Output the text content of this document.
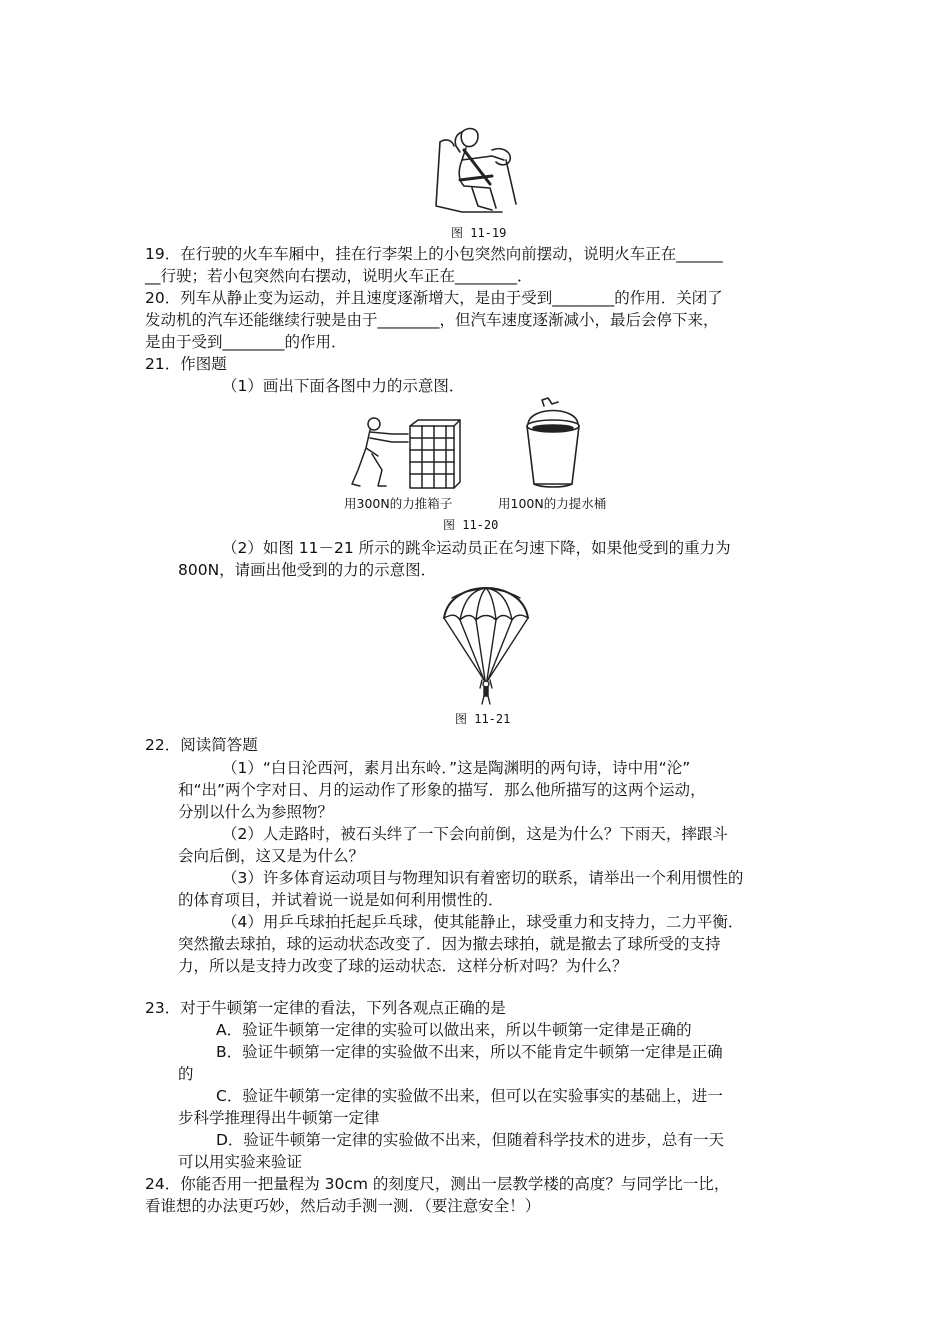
图 11-19
19．在行驶的火车车厢中，挂在行李架上的小包突然向前摆动，说明火车正在______
__行驶；若小包突然向右摆动，说明火车正在________．
20．列车从静止变为运动，并且速度逐渐增大，是由于受到________的作用．关闭了
发动机的汽车还能继续行驶是由于________，但汽车速度逐渐减小，最后会停下来，
是由于受到________的作用．
21．作图题
（1）画出下面各图中力的示意图．
用300N的力推箱子	用100N的力提水桶
图 11-20
（2）如图 11－21 所示的跳伞运动员正在匀速下降，如果他受到的重力为
800N，请画出他受到的力的示意图．
图 11-21
22．阅读简答题
（1）“白日沦西河，素月出东岭．”这是陶渊明的两句诗，诗中用“沦”
和“出”两个字对日、月的运动作了形象的描写．那么他所描写的这两个运动，
分别以什么为参照物？
（2）人走路时，被石头绊了一下会向前倒，这是为什么？下雨天，摔跟斗
会向后倒，这又是为什么？
（3）许多体育运动项目与物理知识有着密切的联系，请举出一个利用惯性的
的体育项目，并试着说一说是如何利用惯性的．
（4）用乒乓球拍托起乒乓球，使其能静止，球受重力和支持力，二力平衡．
突然撤去球拍，球的运动状态改变了．因为撤去球拍，就是撤去了球所受的支持
力，所以是支持力改变了球的运动状态．这样分析对吗？为什么？
23．对于牛顿第一定律的看法，下列各观点正确的是
A．验证牛顿第一定律的实验可以做出来，所以牛顿第一定律是正确的
B．验证牛顿第一定律的实验做不出来，所以不能肯定牛顿第一定律是正确
的
C．验证牛顿第一定律的实验做不出来，但可以在实验事实的基础上，进一
步科学推理得出牛顿第一定律
D．验证牛顿第一定律的实验做不出来，但随着科学技术的进步，总有一天
可以用实验来验证
24．你能否用一把量程为 30cm 的刻度尺，测出一层教学楼的高度？与同学比一比，
看谁想的办法更巧妙，然后动手测一测．（要注意安全！）
